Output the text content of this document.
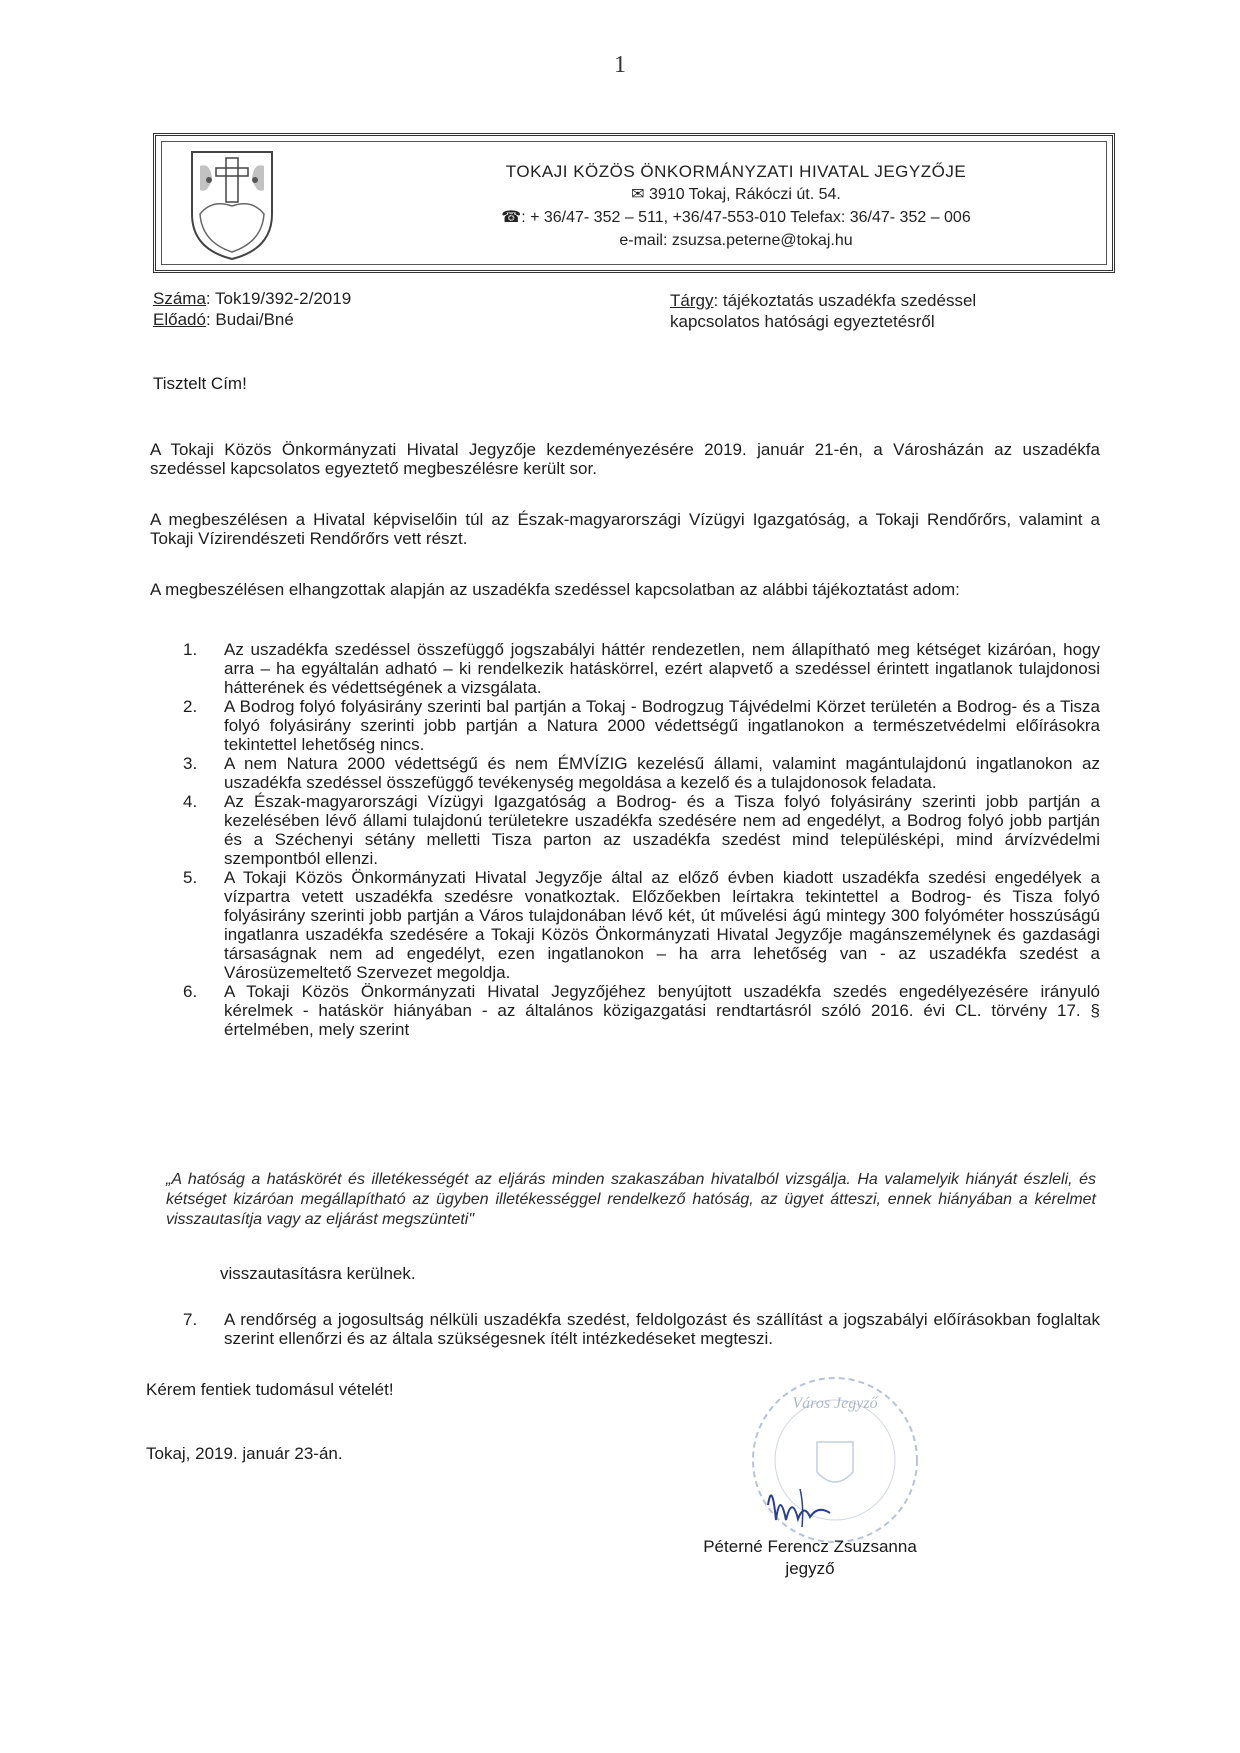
1
TOKAJI KÖZÖS ÖNKORMÁNYZATI HIVATAL JEGYZŐJE
✉ 3910 Tokaj, Rákóczi út. 54.
☎: + 36/47- 352 – 511, +36/47-553-010 Telefax: 36/47- 352 – 006
e-mail: zsuzsa.peterne@tokaj.hu
Száma: Tok19/392-2/2019
Előadó: Budai/Bné
Tárgy: tájékoztatás uszadékfa szedéssel kapcsolatos hatósági egyeztetésről
Tisztelt Cím!
A Tokaji Közös Önkormányzati Hivatal Jegyzője kezdeményezésére 2019. január 21-én, a Városházán az uszadékfa szedéssel kapcsolatos egyeztető megbeszélésre került sor.
A megbeszélésen a Hivatal képviselőin túl az Észak-magyarországi Vízügyi Igazgatóság, a Tokaji Rendőrőrs, valamint a Tokaji Vízirendészeti Rendőrőrs vett részt.
A megbeszélésen elhangzottak alapján az uszadékfa szedéssel kapcsolatban az alábbi tájékoztatást adom:
1. Az uszadékfa szedéssel összefüggő jogszabályi háttér rendezetlen, nem állapítható meg kétséget kizáróan, hogy arra – ha egyáltalán adható – ki rendelkezik hatáskörrel, ezért alapvető a szedéssel érintett ingatlanok tulajdonosi hátterének és védettségének a vizsgálata.
2. A Bodrog folyó folyásirány szerinti bal partján a Tokaj - Bodrogzug Tájvédelmi Körzet területén a Bodrog- és a Tisza folyó folyásirány szerinti jobb partján a Natura 2000 védettségű ingatlanokon a természetvédelmi előírásokra tekintettel lehetőség nincs.
3. A nem Natura 2000 védettségű és nem ÉMVÍZIG kezelésű állami, valamint magántulajdonú ingatlanokon az uszadékfa szedéssel összefüggő tevékenység megoldása a kezelő és a tulajdonosok feladata.
4. Az Észak-magyarországi Vízügyi Igazgatóság a Bodrog- és a Tisza folyó folyásirány szerinti jobb partján a kezelésében lévő állami tulajdonú területekre uszadékfa szedésére nem ad engedélyt, a Bodrog folyó jobb partján és a Széchenyi sétány melletti Tisza parton az uszadékfa szedést mind településképi, mind árvízvédelmi szempontból ellenzi.
5. A Tokaji Közös Önkormányzati Hivatal Jegyzője által az előző évben kiadott uszadékfa szedési engedélyek a vízpartra vetett uszadékfa szedésre vonatkoztak. Előzőekben leírtakra tekintettel a Bodrog- és Tisza folyó folyásirány szerinti jobb partján a Város tulajdonában lévő két, út művelési ágú mintegy 300 folyóméter hosszúságú ingatlanra uszadékfa szedésére a Tokaji Közös Önkormányzati Hivatal Jegyzője magánszemélynek és gazdasági társaságnak nem ad engedélyt, ezen ingatlanokon – ha arra lehetőség van - az uszadékfa szedést a Városüzemeltető Szervezet megoldja.
6. A Tokaji Közös Önkormányzati Hivatal Jegyzőjéhez benyújtott uszadékfa szedés engedélyezésére irányuló kérelmek - hatáskör hiányában - az általános közigazgatási rendtartásról szóló 2016. évi CL. törvény 17. § értelmében, mely szerint
„A hatóság a hatáskörét és illetékességét az eljárás minden szakaszában hivatalból vizsgálja. Ha valamelyik hiányát észleli, és kétséget kizáróan megállapítható az ügyben illetékességgel rendelkező hatóság, az ügyet átteszi, ennek hiányában a kérelmet visszautasítja vagy az eljárást megszünteti"
visszautasításra kerülnek.
7. A rendőrség a jogosultság nélküli uszadékfa szedést, feldolgozást és szállítást a jogszabályi előírásokban foglaltak szerint ellenőrzi és az általa szükségesnek ítélt intézkedéseket megteszi.
Kérem fentiek tudomásul vételét!
Tokaj, 2019. január 23-án.
Város Jegyző
Péterné Ferencz Zsuzsanna
jegyző
